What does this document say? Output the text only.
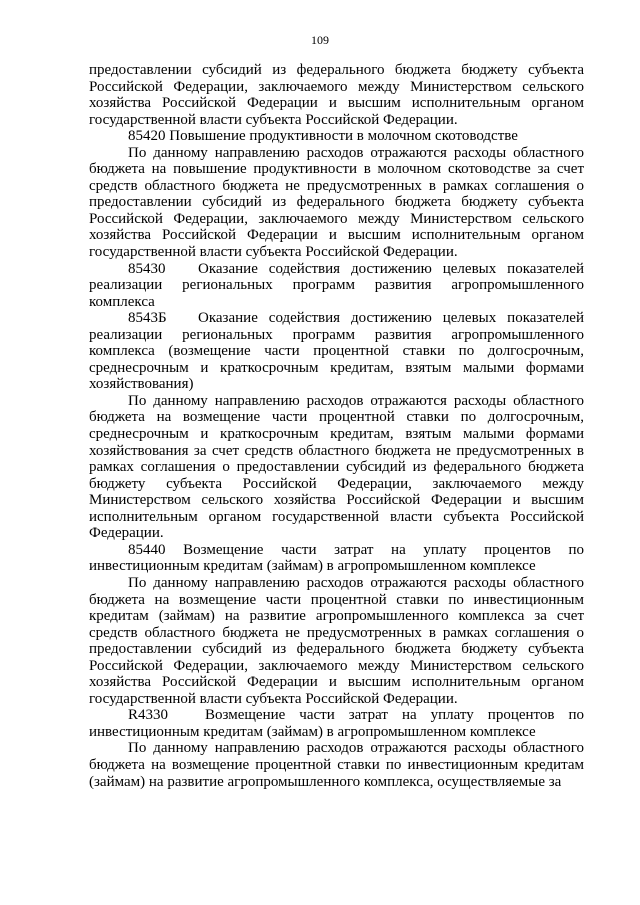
109

предоставлении субсидий из федерального бюджета бюджету субъекта Российской Федерации, заключаемого между Министерством сельского хозяйства Российской Федерации и высшим исполнительным органом государственной власти субъекта Российской Федерации.

85420 Повышение продуктивности в молочном скотоводстве

По данному направлению расходов отражаются расходы областного бюджета на повышение продуктивности в молочном скотоводстве за счет средств областного бюджета не предусмотренных в рамках соглашения о предоставлении субсидий из федерального бюджета бюджету субъекта Российской Федерации, заключаемого между Министерством сельского хозяйства Российской Федерации и высшим исполнительным органом государственной власти субъекта Российской Федерации.

85430 Оказание содействия достижению целевых показателей реализации региональных программ развития агропромышленного комплекса

8543Б Оказание содействия достижению целевых показателей реализации региональных программ развития агропромышленного комплекса (возмещение части процентной ставки по долгосрочным, среднесрочным и краткосрочным кредитам, взятым малыми формами хозяйствования)

По данному направлению расходов отражаются расходы областного бюджета на возмещение части процентной ставки по долгосрочным, среднесрочным и краткосрочным кредитам, взятым малыми формами хозяйствования за счет средств областного бюджета не предусмотренных в рамках соглашения о предоставлении субсидий из федерального бюджета бюджету субъекта Российской Федерации, заключаемого между Министерством сельского хозяйства Российской Федерации и высшим исполнительным органом государственной власти субъекта Российской Федерации.

85440 Возмещение части затрат на уплату процентов по инвестиционным кредитам (займам) в агропромышленном комплексе

По данному направлению расходов отражаются расходы областного бюджета на возмещение части процентной ставки по инвестиционным кредитам (займам) на развитие агропромышленного комплекса за счет средств областного бюджета не предусмотренных в рамках соглашения о предоставлении субсидий из федерального бюджета бюджету субъекта Российской Федерации, заключаемого между Министерством сельского хозяйства Российской Федерации и высшим исполнительным органом государственной власти субъекта Российской Федерации.

R4330 Возмещение части затрат на уплату процентов по инвестиционным кредитам (займам) в агропромышленном комплексе

По данному направлению расходов отражаются расходы областного бюджета на возмещение процентной ставки по инвестиционным кредитам (займам) на развитие агропромышленного комплекса, осуществляемые за
